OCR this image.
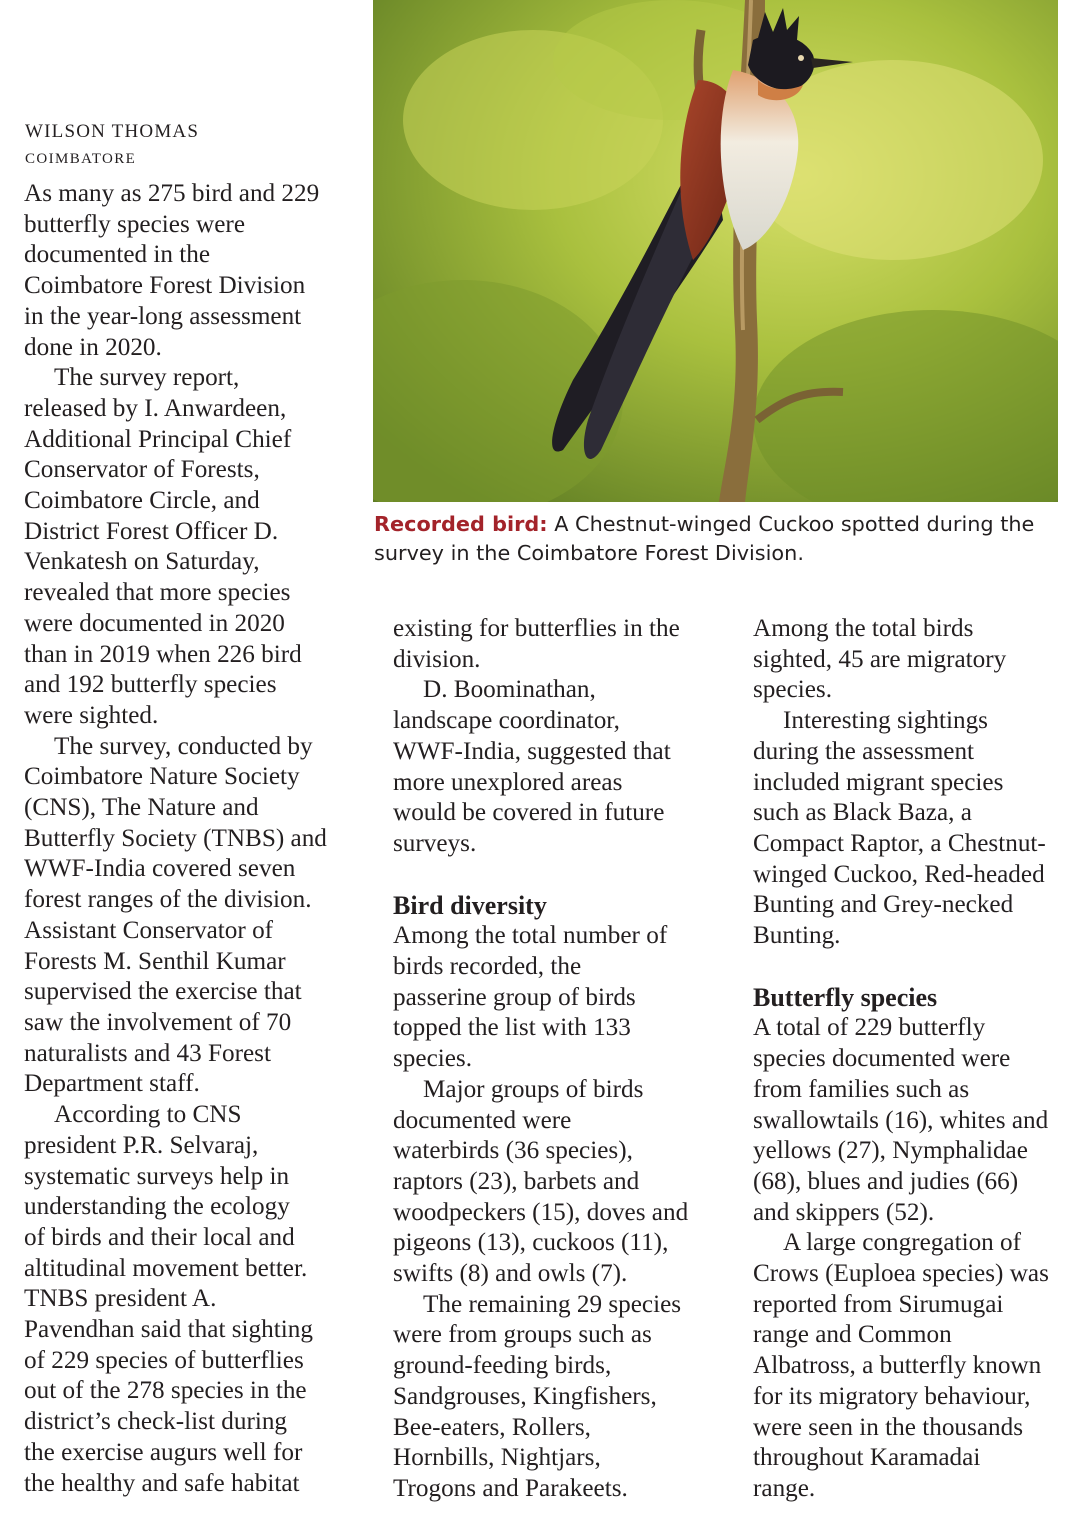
WILSON THOMAS
COIMBATORE

As many as 275 bird and 229

butterfly species were

documented in the

Coimbatore Forest Division

in the year-long assessment

done in 2020.

The survey report,

released by I. Anwardeen,

Additional Principal Chief

Conservator of Forests,

Coimbatore Circle, and

District Forest Officer D.

Venkatesh on Saturday,

revealed that more species

were documented in 2020

than in 2019 when 226 bird

and 192 butterfly species

were sighted.

The survey, conducted by

Coimbatore Nature Society

(CNS), The Nature and

Butterfly Society (TNBS) and

WWF-India covered seven

forest ranges of the division.

Assistant Conservator of

Forests M. Senthil Kumar

supervised the exercise that

saw the involvement of 70

naturalists and 43 Forest

Department staff.

According to CNS

president P.R. Selvaraj,

systematic surveys help in

understanding the ecology

of birds and their local and

altitudinal movement better.

TNBS president A.

Pavendhan said that sighting

of 229 species of butterflies

out of the 278 species in the

district’s check-list during

the exercise augurs well for

the healthy and safe habitat

Recorded bird: A Chestnut-winged Cuckoo spotted during the
survey in the Coimbatore Forest Division.

existing for butterflies in the

division.

D. Boominathan,

landscape coordinator,

WWF-India, suggested that

more unexplored areas

would be covered in future

surveys.

Bird diversity

Among the total number of

birds recorded, the

passerine group of birds

topped the list with 133

species.

Major groups of birds

documented were

waterbirds (36 species),

raptors (23), barbets and

woodpeckers (15), doves and

pigeons (13), cuckoos (11),

swifts (8) and owls (7).

The remaining 29 species

were from groups such as

ground-feeding birds,

Sandgrouses, Kingfishers,

Bee-eaters, Rollers,

Hornbills, Nightjars,

Trogons and Parakeets.

Among the total birds

sighted, 45 are migratory

species.

Interesting sightings

during the assessment

included migrant species

such as Black Baza, a

Compact Raptor, a Chestnut-

winged Cuckoo, Red-headed

Bunting and Grey-necked

Bunting.

Butterfly species

A total of 229 butterfly

species documented were

from families such as

swallowtails (16), whites and

yellows (27), Nymphalidae

(68), blues and judies (66)

and skippers (52).

A large congregation of

Crows (Euploea species) was

reported from Sirumugai

range and Common

Albatross, a butterfly known

for its migratory behaviour,

were seen in the thousands

throughout Karamadai

range.
